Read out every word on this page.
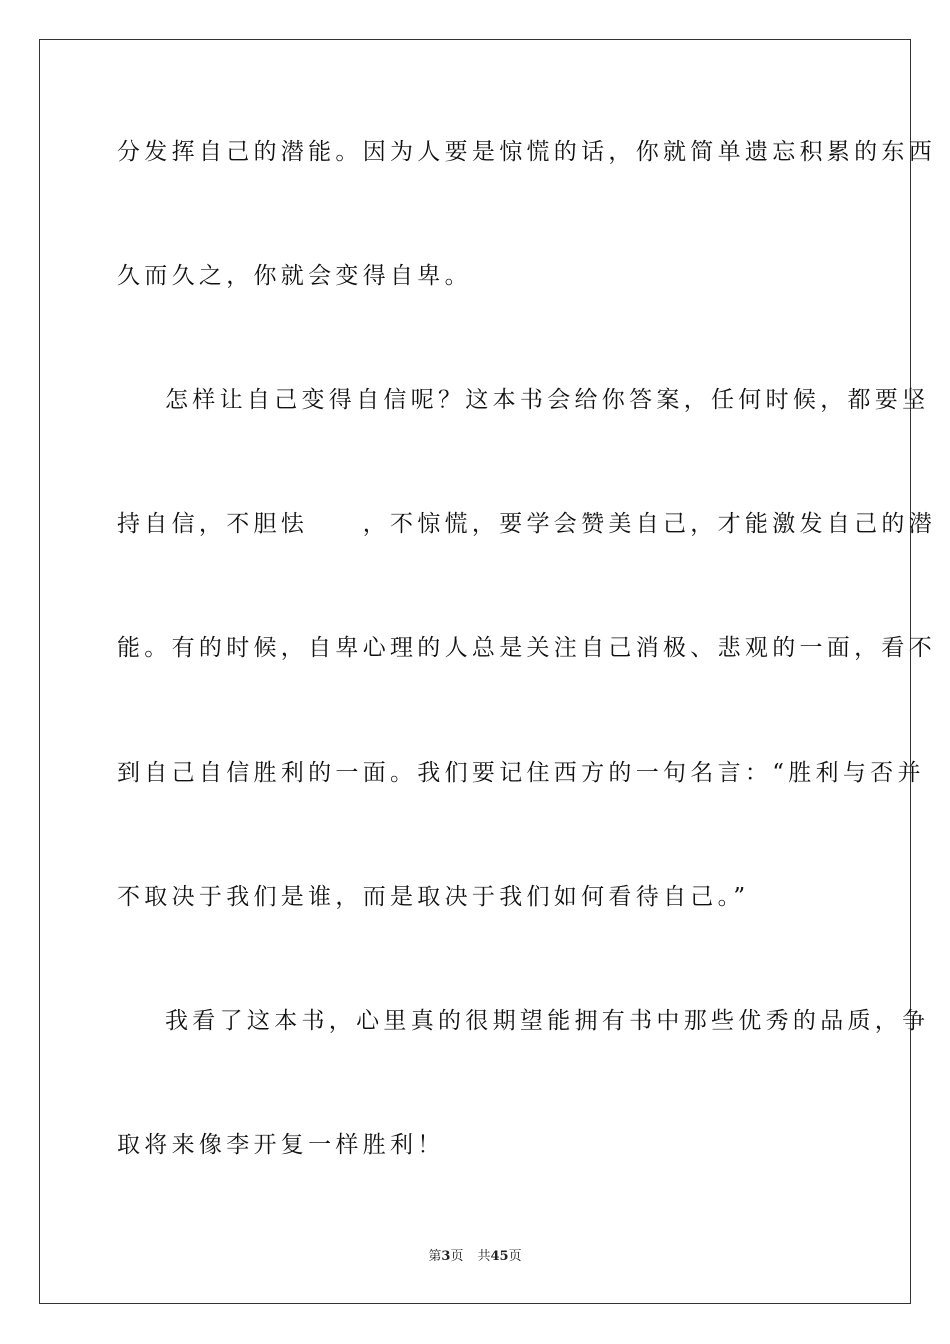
分发挥自己的潜能。因为人要是惊慌的话，你就简单遗忘积累的东西
久而久之，你就会变得自卑。
怎样让自己变得自信呢？这本书会给你答案，任何时候，都要坚
持自信，不胆怯　　，不惊慌，要学会赞美自己，才能激发自己的潜
能。有的时候，自卑心理的人总是关注自己消极、悲观的一面，看不
到自己自信胜利的一面。我们要记住西方的一句名言：“胜利与否并
不取决于我们是谁，而是取决于我们如何看待自己。”
我看了这本书，心里真的很期望能拥有书中那些优秀的品质，争
取将来像李开复一样胜利！
第3页 共45页
